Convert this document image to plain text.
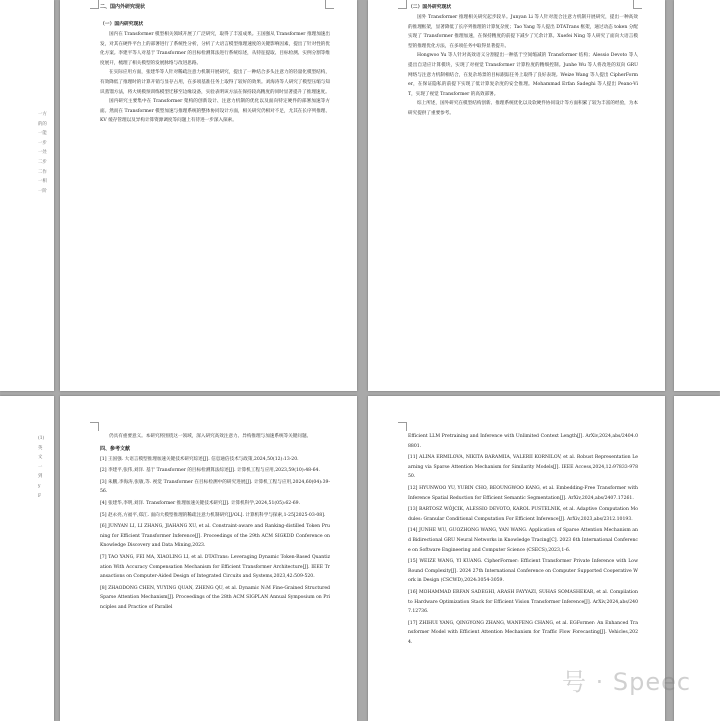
一方
的的
一能
一步
一处
二步
二作
一相
一阶
(1)
英
文
一
到
y
F
二、国内外研究现状
（一）国内研究现状

国内在 Transformer 模型相关领域开展了广泛研究，取得了丰富成果。王国强从 Transformer 推理加速出发，对其在硬件平台上的部署进行了系统性分析，分析了大语言模型推理速度的关键影响因素，提出了针对性的优化方案。李建平等人对基于 Transformer 的目标检测算法进行系统综述，从特征提取、目标检测、实例分割等维度展开，梳理了相关模型的发展脉络与改进思路。

在实际应用方面，张建华等人针对稀疏注意力机制开展研究，提出了一种结合多头注意力的轻量化模型结构，有效降低了推理时的计算开销与显存占用，在多项基准任务上取得了较好的效果。刘海涛等人研究了模型压缩与知识蒸馏方法，将大规模预训练模型迁移至边缘设备，实验表明该方法在保持较高精度的同时显著提升了推理速度。

国内研究主要集中在 Transformer 架构的创新设计、注意力机制的优化以及面向特定硬件的部署加速等方面。然而在 Transformer 模型加速与推理系统的整体协同设计方面，相关研究仍相对不足，尤其在长序列推理、KV 缓存管理以及异构计算资源调度等问题上有待进一步深入探索。

（二）国外研究现状

国外 Transformer 推理相关研究起步较早。Junyan Li 等人针对混合注意力机制开展研究，提出一种高效的推理框架，显著降低了长序列推理的计算复杂度；Tao Yang 等人提出 DTATrans 框架，通过动态 token 分配实现了 Transformer 推理加速，在保持精度的前提下减少了冗余计算。Xuefei Ning 等人研究了面向大语言模型的推理优化方法，在多项任务中取得显著提升。

Hongwoo Yu 等人针对高效语义分割提出一种基于空间缩减的 Transformer 结构；Alessio Devoto 等人提出自适应计算模块，实现了对视觉 Transformer 计算粒度的精细控制。Junhe Wu 等人将改进的双向 GRU 网络与注意力机制相结合，在复杂场景的目标跟踪任务上取得了良好表现。Weize Wang 等人提出 CipherFormer，在保证隐私的前提下实现了低计算复杂度的安全推理。Mohammad Erfan Sadeghi 等人提出 Peano-ViT，实现了视觉 Transformer 的高效部署。

综上所述，国外研究在模型结构创新、推理系统优化以及软硬件协同设计等方面积累了较为丰富的经验，为本研究提供了重要参考。

仍具有重要意义。本研究将围绕这一领域，深入研究高效注意力、异构推理与加速系统等关键问题。

四、参考文献
[1] 王国强. 大语言模型推理加速关键技术研究综述[J]. 信息通信技术与政策,2024,50(12):13-20.
[2] 李建平,张伟,刘洋. 基于 Transformer 的目标检测算法综述[J]. 计算机工程与应用,2023,59(10):48-64.
[3] 朱鹏,李海涛,张敏,等. 视觉 Transformer 在目标检测中的研究进展[J]. 计算机工程与应用,2024,60(04):39-56.
[4] 张建华,李明,刘洋. Transformer 推理加速关键技术研究[J]. 计算机科学,2024,51(05):62-69.
[5] 赵永亮,方福平,郑江. 面向大模型推理的稀疏注意力机制研究[J/OL]. 计算机科学与探索,1-25[2025-03-08].
[6] JUNYAN LI, LI ZHANG, JIAHANG XU, et al. Constraint-aware and Ranking-distilled Token Pruning for Efficient Transformer Inference[J]. Proceedings of the 29th ACM SIGKDD Conference on Knowledge Discovery and Data Mining,2023.
[7] TAO YANG, FEI MA, XIAOLING LI, et al. DTATrans: Leveraging Dynamic Token-Based Quantization With Accuracy Compensation Mechanism for Efficient Transformer Architecture[J]. IEEE Transactions on Computer-Aided Design of Integrated Circuits and Systems,2023,42:509-520.
[8] ZHAODONG CHEN, YUYING QUAN, ZHENG QU, et al. Dynamic N:M Fine-Grained Structured Sparse Attention Mechanism[J]. Proceedings of the 28th ACM SIGPLAN Annual Symposium on Principles and Practice of Parallel
Efficient LLM Pretraining and Inference with Unlimited Context Length[J]. ArXiv,2024,abs/2404.08801.
[11] ALINA ERMILOVA, NIKITA BARAMIIA, VALERII KORNILOV, et al. Robust Representation Learning via Sparse Attention Mechanism for Similarity Models[J]. IEEE Access,2024,12:97833-97850.
[12] HYUNWOO YU, YUBIN CHO, BEOUNGWOO KANG, et al. Embedding-Free Transformer with Inference Spatial Reduction for Efficient Semantic Segmentation[J]. ArXiv,2024,abs/2407.17261.
[13] BARTOSZ WÓJCIK, ALESSIO DEVOTO, KAROL PUSTELNIK, et al. Adaptive Computation Modules: Granular Conditional Computation For Efficient Inference[J]. ArXiv,2023,abs/2312.10193.
[14] JUNHE WU, GUOZHONG WANG, YAN WANG. Application of Sparse Attention Mechanism and Bidirectional GRU Neural Networks in Knowledge Tracing[C]. 2023 6th International Conference on Software Engineering and Computer Science (CSECS),2023,1-6.
[15] WEIZE WANG, YI KUANG. CipherFormer: Efficient Transformer Private Inference with Low Round Complexity[J]. 2024 27th International Conference on Computer Supported Cooperative Work in Design (CSCWD),2024:3054-3059.
[16] MOHAMMAD ERFAN SADEGHI, ARASH FAYYAZI, SUHAS SOMASHEKAR, et al. Compilation to Hardware Optimization Stack for Efficient Vision Transformer Inference[J]. ArXiv,2024,abs/2407.12736.
[17] ZHIHUI YANG, QINGYONG ZHANG, WANFENG CHANG, et al. EGFormer: An Enhanced Transformer Model with Efficient Attention Mechanism for Traffic Flow Forecasting[J]. Vehicles,2024.
号 · Speec
